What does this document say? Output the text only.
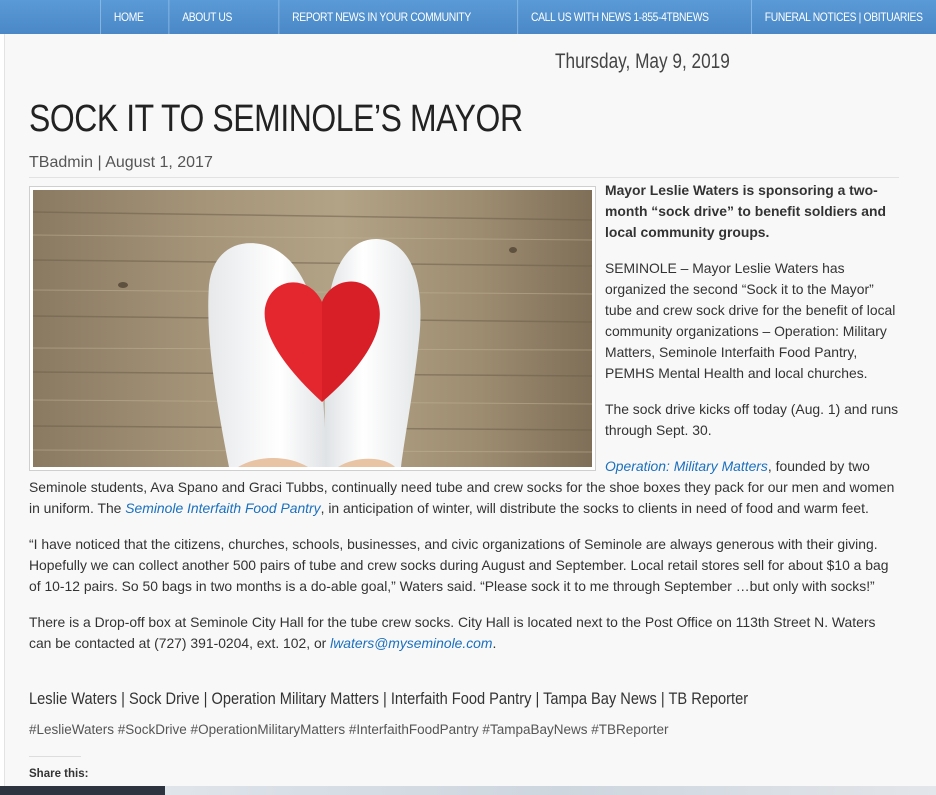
HOME	ABOUT US	REPORT NEWS IN YOUR COMMUNITY	CALL US WITH NEWS 1-855-4TBNEWS	FUNERAL NOTICES | OBITUARIES
Thursday, May 9, 2019
SOCK IT TO SEMINOLE’S MAYOR
TBadmin | August 1, 2017

Mayor Leslie Waters is sponsoring a two-month “sock drive” to benefit soldiers and local community groups.

SEMINOLE – Mayor Leslie Waters has organized the second “Sock it to the Mayor” tube and crew sock drive for the benefit of local community organizations – Operation: Military Matters, Seminole Interfaith Food Pantry, PEMHS Mental Health and local churches.

The sock drive kicks off today (Aug. 1) and runs through Sept. 30.

Operation: Military Matters, founded by two Seminole students, Ava Spano and Graci Tubbs, continually need tube and crew socks for the shoe boxes they pack for our men and women in uniform. The Seminole Interfaith Food Pantry, in anticipation of winter, will distribute the socks to clients in need of food and warm feet.

“I have noticed that the citizens, churches, schools, businesses, and civic organizations of Seminole are always generous with their giving. Hopefully we can collect another 500 pairs of tube and crew socks during August and September. Local retail stores sell for about $10 a bag of 10-12 pairs. So 50 bags in two months is a do-able goal,” Waters said. “Please sock it to me through September …but only with socks!”

There is a Drop-off box at Seminole City Hall for the tube crew socks. City Hall is located next to the Post Office on 113th Street N. Waters can be contacted at (727) 391-0204, ext. 102, or lwaters@myseminole.com.

Leslie Waters | Sock Drive | Operation Military Matters | Interfaith Food Pantry | Tampa Bay News | TB Reporter
#LeslieWaters #SockDrive #OperationMilitaryMatters #InterfaithFoodPantry #TampaBayNews #TBReporter
Share this:
